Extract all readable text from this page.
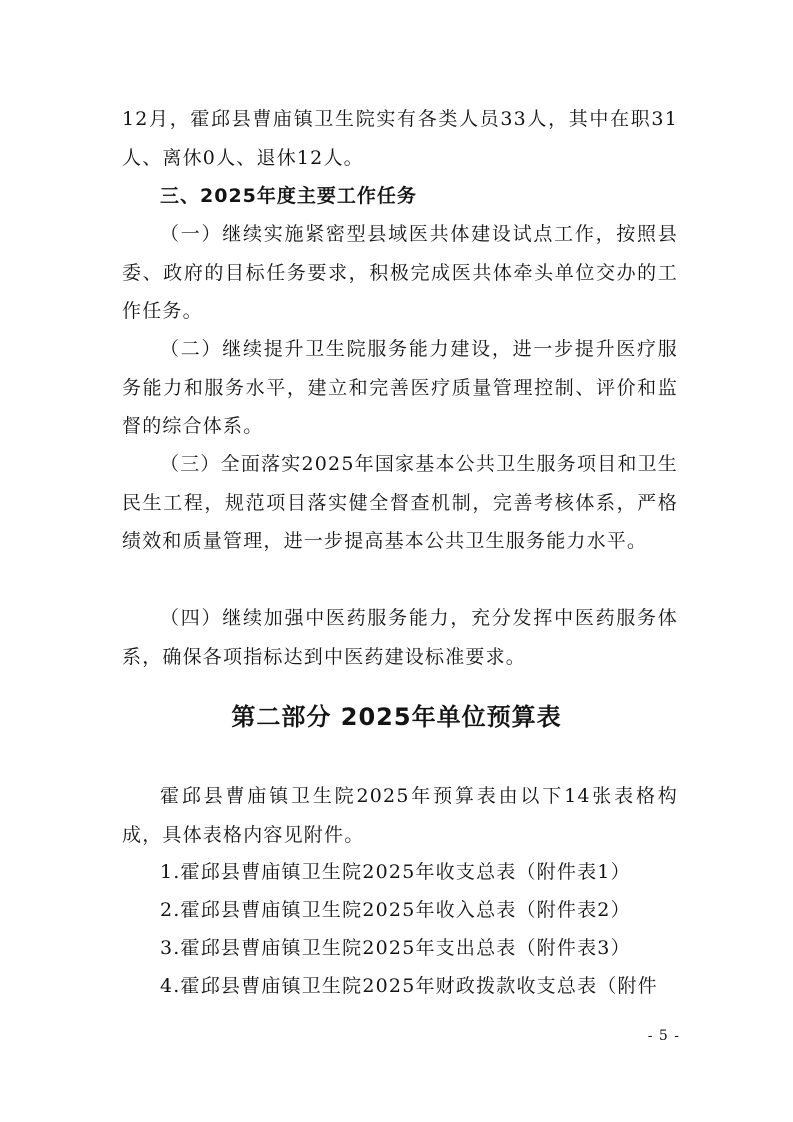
12月，霍邱县曹庙镇卫生院实有各类人员33人，其中在职31人、离休0人、退休12人。

三、2025年度主要工作任务

（一）继续实施紧密型县域医共体建设试点工作，按照县委、政府的目标任务要求，积极完成医共体牵头单位交办的工作任务。

（二）继续提升卫生院服务能力建设，进一步提升医疗服务能力和服务水平，建立和完善医疗质量管理控制、评价和监督的综合体系。

（三）全面落实2025年国家基本公共卫生服务项目和卫生民生工程，规范项目落实健全督查机制，完善考核体系，严格绩效和质量管理，进一步提高基本公共卫生服务能力水平。

（四）继续加强中医药服务能力，充分发挥中医药服务体系，确保各项指标达到中医药建设标准要求。

第二部分 2025年单位预算表

霍邱县曹庙镇卫生院2025年预算表由以下14张表格构成，具体表格内容见附件。

1.霍邱县曹庙镇卫生院2025年收支总表（附件表1）

2.霍邱县曹庙镇卫生院2025年收入总表（附件表2）

3.霍邱县曹庙镇卫生院2025年支出总表（附件表3）

4.霍邱县曹庙镇卫生院2025年财政拨款收支总表（附件

- 5 -
